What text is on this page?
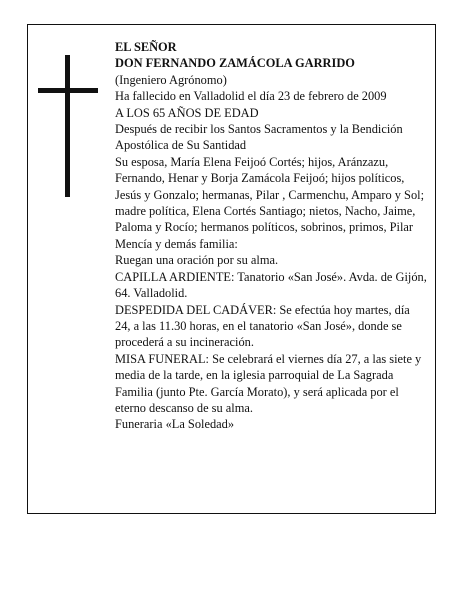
EL SEÑOR

DON FERNANDO ZAMÁCOLA GARRIDO

(Ingeniero Agrónomo)

Ha fallecido en Valladolid el día 23 de febrero de 2009

A LOS 65 AÑOS DE EDAD

Después de recibir los Santos Sacramentos y la Bendición Apostólica de Su Santidad

Su esposa, María Elena Feijoó Cortés; hijos, Aránzazu, Fernando, Henar y Borja Zamácola Feijoó; hijos políticos, Jesús y Gonzalo; hermanas, Pilar , Carmenchu, Amparo y Sol; madre política, Elena Cortés Santiago; nietos, Nacho, Jaime, Paloma y Rocío; hermanos políticos, sobrinos, primos, Pilar Mencía y demás familia:

Ruegan una oración por su alma.

CAPILLA ARDIENTE: Tanatorio «San José». Avda. de Gijón, 64. Valladolid.

DESPEDIDA DEL CADÁVER: Se efectúa hoy martes, día 24, a las 11.30 horas, en el tanatorio «San José», donde se procederá a su incineración.

MISA FUNERAL: Se celebrará el viernes día 27, a las siete y media de la tarde, en la iglesia parroquial de La Sagrada Familia (junto Pte. García Morato), y será aplicada por el eterno descanso de su alma.

Funeraria «La Soledad»
